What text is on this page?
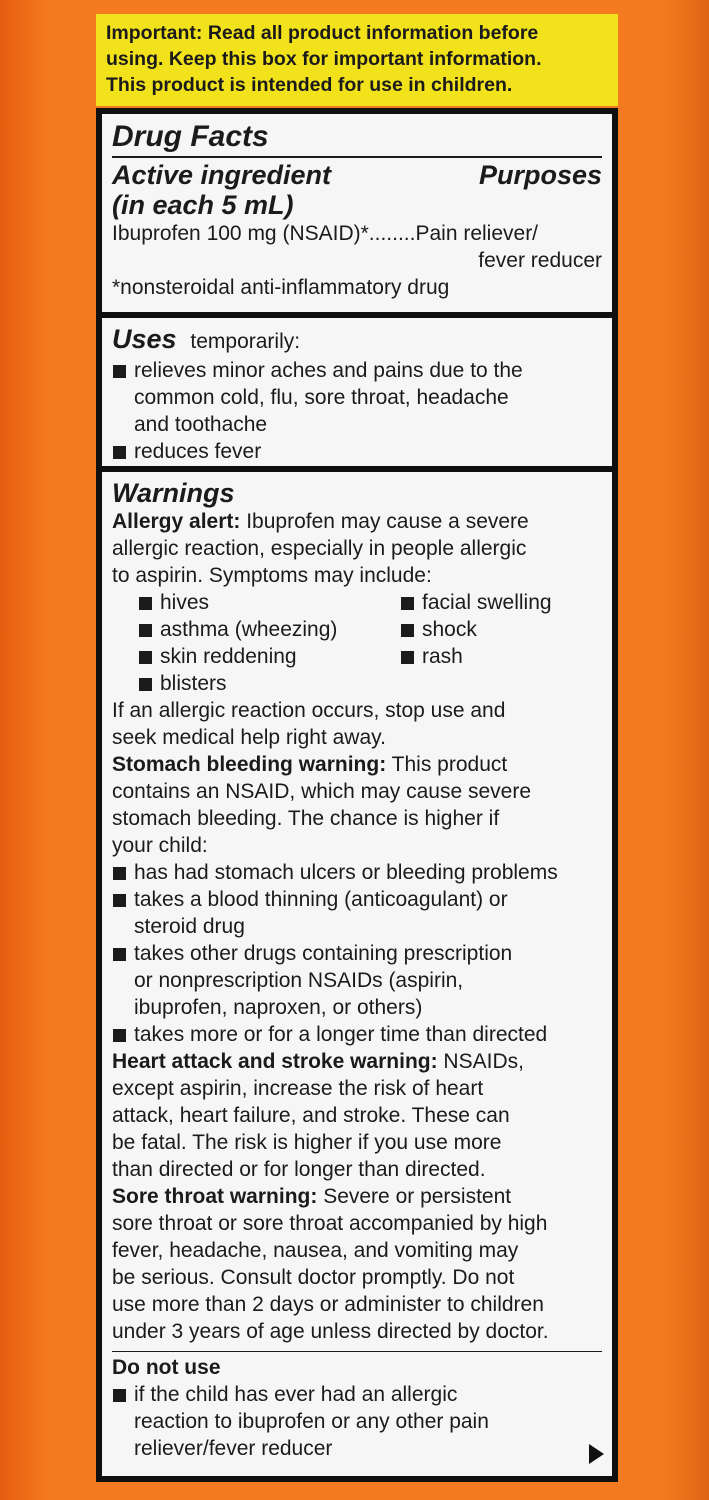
Important: Read all product information before
using. Keep this box for important information.
This product is intended for use in children.
Drug Facts
Active ingredient	Purposes
(in each 5 mL)
Ibuprofen 100 mg (NSAID)*........Pain reliever/
fever reducer
*nonsteroidal anti-inflammatory drug
Uses temporarily:
relieves minor aches and pains due to the
common cold, flu, sore throat, headache
and toothache
reduces fever
Warnings
Allergy alert: Ibuprofen may cause a severe
allergic reaction, especially in people allergic
to aspirin. Symptoms may include:
hives	facial swelling
asthma (wheezing)	shock
skin reddening	rash
blisters
If an allergic reaction occurs, stop use and
seek medical help right away.
Stomach bleeding warning: This product
contains an NSAID, which may cause severe
stomach bleeding. The chance is higher if
your child:
has had stomach ulcers or bleeding problems
takes a blood thinning (anticoagulant) or
steroid drug
takes other drugs containing prescription
or nonprescription NSAIDs (aspirin,
ibuprofen, naproxen, or others)
takes more or for a longer time than directed
Heart attack and stroke warning: NSAIDs,
except aspirin, increase the risk of heart
attack, heart failure, and stroke. These can
be fatal. The risk is higher if you use more
than directed or for longer than directed.
Sore throat warning: Severe or persistent
sore throat or sore throat accompanied by high
fever, headache, nausea, and vomiting may
be serious. Consult doctor promptly. Do not
use more than 2 days or administer to children
under 3 years of age unless directed by doctor.
Do not use
if the child has ever had an allergic
reaction to ibuprofen or any other pain
reliever/fever reducer
